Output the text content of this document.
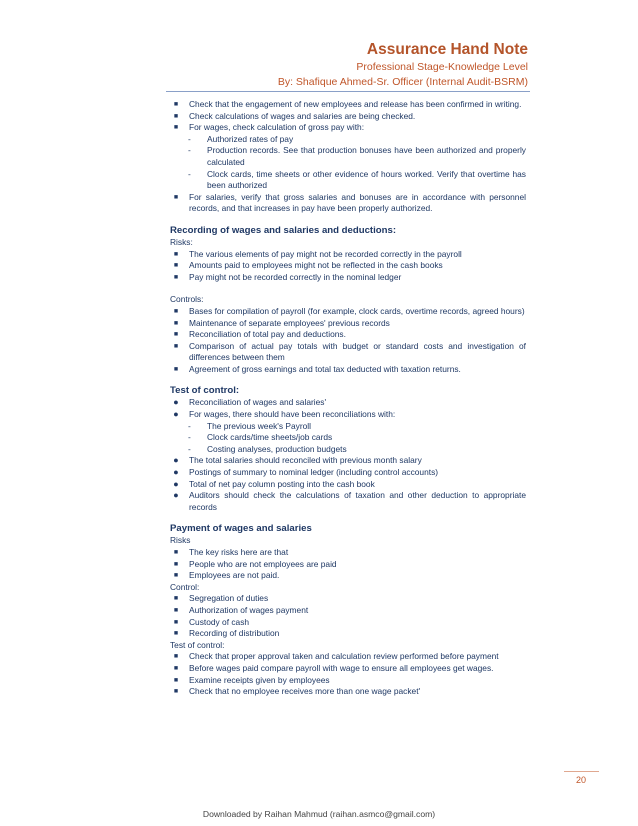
Assurance Hand Note
Professional Stage-Knowledge Level
By: Shafique Ahmed-Sr. Officer (Internal Audit-BSRM)
■	Check that the engagement of new employees and release has been confirmed in writing.
■	Check calculations of wages and salaries are being checked.
■	For wages, check calculation of gross pay with:
- Authorized rates of pay
- Production records. See that production bonuses have been authorized and properly calculated
- Clock cards, time sheets or other evidence of hours worked. Verify that overtime has been authorized
■	For salaries, verify that gross salaries and bonuses are in accordance with personnel records, and that increases in pay have been properly authorized.
Recording of wages and salaries and deductions:
Risks:
■	The various elements of pay might not be recorded correctly in the payroll
■	Amounts paid to employees might not be reflected in the cash books
■	Pay might not be recorded correctly in the nominal ledger
Controls:
■	Bases for compilation of payroll (for example, clock cards, overtime records, agreed hours)
■	Maintenance of separate employees' previous records
■	Reconciliation of total pay and deductions.
■	Comparison of actual pay totals with budget or standard costs and investigation of differences between them
■	Agreement of gross earnings and total tax deducted with taxation returns.
Test of control:
●	Reconciliation of wages and salaries'
●	For wages, there should have been reconciliations with:
- The previous week's Payroll
- Clock cards/time sheets/job cards
- Costing analyses, production budgets
●	The total salaries should reconciled with previous month salary
●	Postings of summary to nominal ledger (including control accounts)
●	Total of net pay column posting into the cash book
●	Auditors should check the calculations of taxation and other deduction to appropriate records
Payment of wages and salaries
Risks
■	The key risks here are that
■	People who are not employees are paid
■	Employees are not paid.
Control:
■	Segregation of duties
■	Authorization of wages payment
■	Custody of cash
■	Recording of distribution
Test of control:
■	Check that proper approval taken and calculation review performed before payment
■	Before wages paid compare payroll with wage to ensure all employees get wages.
■	Examine receipts given by employees
■	Check that no employee receives more than one wage packet'
20
Downloaded by Raihan Mahmud (raihan.asmco@gmail.com)
